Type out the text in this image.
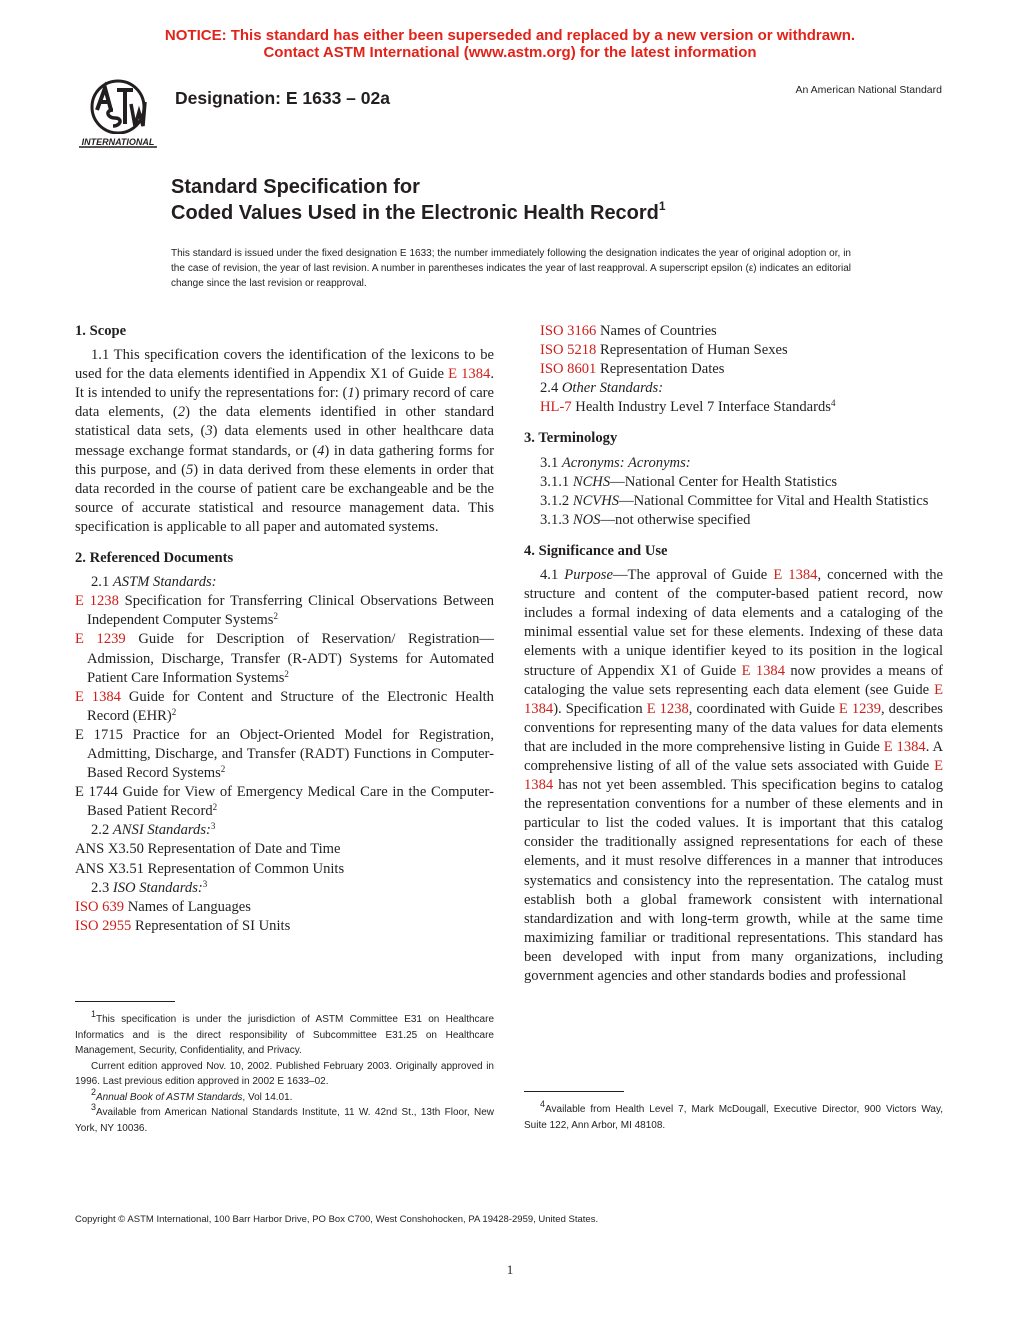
NOTICE: This standard has either been superseded and replaced by a new version or withdrawn.
Contact ASTM International (www.astm.org) for the latest information
INTERNATIONAL
Designation: E 1633 – 02a	An American National Standard
Standard Specification for
Coded Values Used in the Electronic Health Record$^1$
This standard is issued under the fixed designation E 1633; the number immediately following the designation indicates the year of original adoption or, in the case of revision, the year of last revision. A number in parentheses indicates the year of last reapproval. A superscript epsilon (ε) indicates an editorial change since the last revision or reapproval.

1. Scope

1.1 This specification covers the identification of the lexicons to be used for the data elements identified in Appendix X1 of Guide E 1384. It is intended to unify the representations for: (1) primary record of care data elements, (2) the data elements identified in other standard statistical data sets, (3) data elements used in other healthcare data message exchange format standards, or (4) in data gathering forms for this purpose, and (5) in data derived from these elements in order that data recorded in the course of patient care be exchangeable and be the source of accurate statistical and resource management data. This specification is applicable to all paper and automated systems.

2. Referenced Documents

2.1 ASTM Standards:

E 1238 Specification for Transferring Clinical Observations Between Independent Computer Systems$^2$

E 1239 Guide for Description of Reservation/ Registration—Admission, Discharge, Transfer (R-ADT) Systems for Automated Patient Care Information Systems$^2$

E 1384 Guide for Content and Structure of the Electronic Health Record (EHR)$^2$

E 1715 Practice for an Object-Oriented Model for Registration, Admitting, Discharge, and Transfer (RADT) Functions in Computer-Based Record Systems$^2$

E 1744 Guide for View of Emergency Medical Care in the Computer-Based Patient Record$^2$

2.2 ANSI Standards:$^3$

ANS X3.50 Representation of Date and Time

ANS X3.51 Representation of Common Units

2.3 ISO Standards:$^3$

ISO 639 Names of Languages

ISO 2955 Representation of SI Units

$^1$This specification is under the jurisdiction of ASTM Committee E31 on Healthcare Informatics and is the direct responsibility of Subcommittee E31.25 on Healthcare Management, Security, Confidentiality, and Privacy.

Current edition approved Nov. 10, 2002. Published February 2003. Originally approved in 1996. Last previous edition approved in 2002 E 1633–02.

$^2$Annual Book of ASTM Standards, Vol 14.01.

$^3$Available from American National Standards Institute, 11 W. 42nd St., 13th Floor, New York, NY 10036.

ISO 3166 Names of Countries

ISO 5218 Representation of Human Sexes

ISO 8601 Representation Dates

2.4 Other Standards:

HL-7 Health Industry Level 7 Interface Standards$^4$

3. Terminology

3.1 Acronyms: Acronyms:

3.1.1 NCHS—National Center for Health Statistics

3.1.2 NCVHS—National Committee for Vital and Health Statistics

3.1.3 NOS—not otherwise specified

4. Significance and Use

4.1 Purpose—The approval of Guide E 1384, concerned with the structure and content of the computer-based patient record, now includes a formal indexing of data elements and a cataloging of the minimal essential value set for these elements. Indexing of these data elements with a unique identifier keyed to its position in the logical structure of Appendix X1 of Guide E 1384 now provides a means of cataloging the value sets representing each data element (see Guide E 1384). Specification E 1238, coordinated with Guide E 1239, describes conventions for representing many of the data values for data elements that are included in the more comprehensive listing in Guide E 1384. A comprehensive listing of all of the value sets associated with Guide E 1384 has not yet been assembled. This specification begins to catalog the representation conventions for a number of these elements and in particular to list the coded values. It is important that this catalog consider the traditionally assigned representations for each of these elements, and it must resolve differences in a manner that introduces systematics and consistency into the representation. The catalog must establish both a global framework consistent with international standardization and with long-term growth, while at the same time maximizing familiar or traditional representations. This standard has been developed with input from many organizations, including government agencies and other standards bodies and professional

$^4$Available from Health Level 7, Mark McDougall, Executive Director, 900 Victors Way, Suite 122, Ann Arbor, MI 48108.

Copyright © ASTM International, 100 Barr Harbor Drive, PO Box C700, West Conshohocken, PA 19428-2959, United States.
1
